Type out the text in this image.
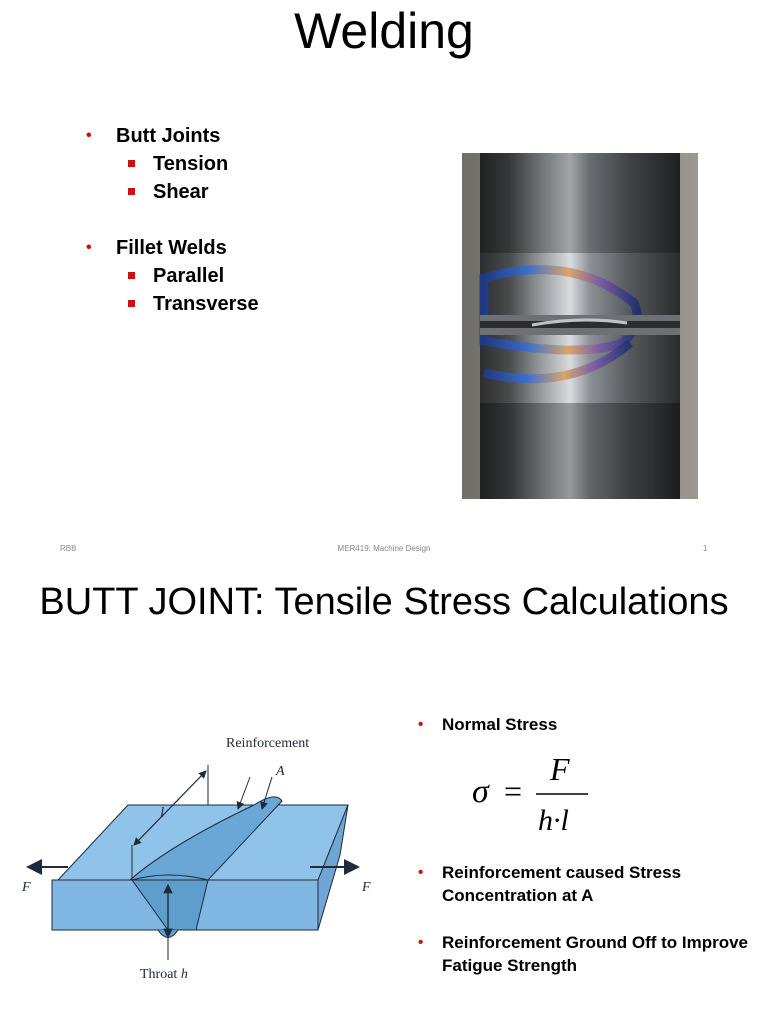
Welding
• Butt Joints
Tension
Shear
• Fillet Welds
Parallel
Transverse
RBB	MER419: Machine Design	1
BUTT JOINT: Tensile Stress Calculations
Reinforcement
A
l
F	F
Throat h
• Normal Stress
• Reinforcement caused Stress Concentration at A
• Reinforcement Ground Off to Improve Fatigue Strength
σ =
F
h·l
